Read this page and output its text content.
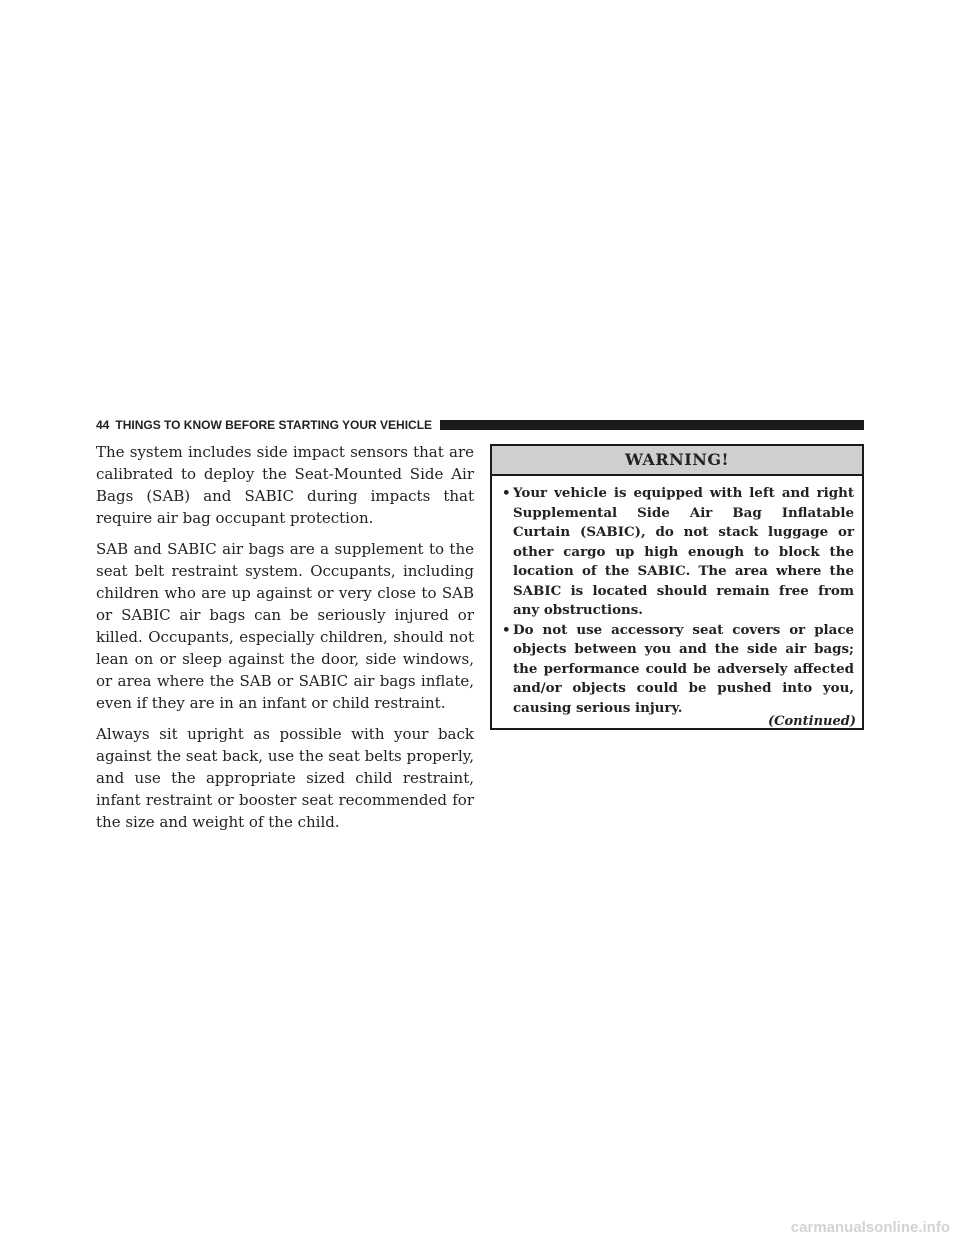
44 THINGS TO KNOW BEFORE STARTING YOUR VEHICLE

The system includes side impact sensors that are calibrated to deploy the Seat-Mounted Side Air Bags (SAB) and SABIC during impacts that require air bag occupant protection.

SAB and SABIC air bags are a supplement to the seat belt restraint system. Occupants, including children who are up against or very close to SAB or SABIC air bags can be seriously injured or killed. Occupants, especially children, should not lean on or sleep against the door, side windows, or area where the SAB or SABIC air bags inflate, even if they are in an infant or child restraint.

Always sit upright as possible with your back against the seat back, use the seat belts properly, and use the appropriate sized child restraint, infant restraint or booster seat recommended for the size and weight of the child.

WARNING!
• Your vehicle is equipped with left and right Supplemental Side Air Bag Inflatable Curtain (SABIC), do not stack luggage or other cargo up high enough to block the location of the SABIC. The area where the SABIC is located should remain free from any obstructions.
• Do not use accessory seat covers or place objects between you and the side air bags; the performance could be adversely affected and/or objects could be pushed into you, causing serious injury.
(Continued)
carmanualsonline.info
